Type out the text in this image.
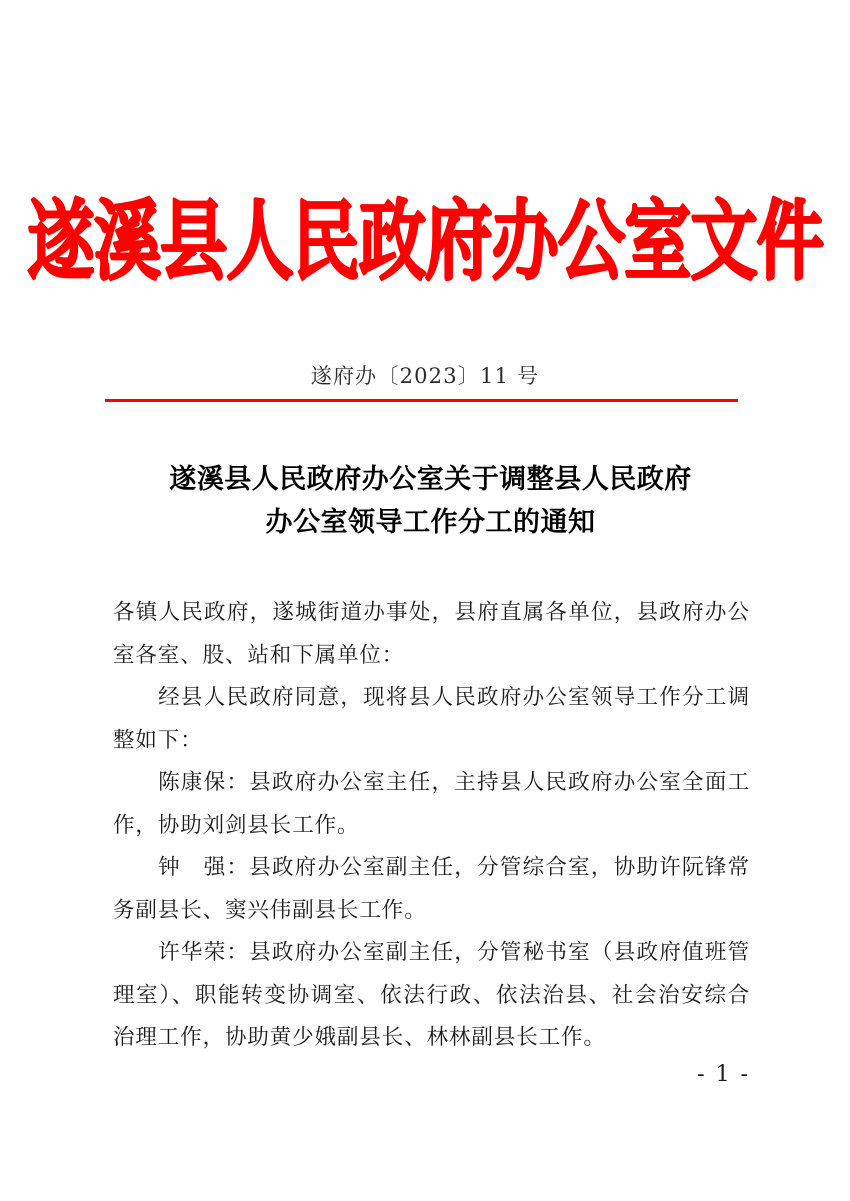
遂溪县人民政府办公室文件
遂府办〔2023〕11 号
遂溪县人民政府办公室关于调整县人民政府
办公室领导工作分工的通知

各镇人民政府，遂城街道办事处，县府直属各单位，县政府办公室各室、股、站和下属单位：

经县人民政府同意，现将县人民政府办公室领导工作分工调整如下：

陈康保：县政府办公室主任，主持县人民政府办公室全面工作，协助刘剑县长工作。

钟　强：县政府办公室副主任，分管综合室，协助许阮锋常务副县长、窦兴伟副县长工作。

许华荣：县政府办公室副主任，分管秘书室（县政府值班管理室）、职能转变协调室、依法行政、依法治县、社会治安综合治理工作，协助黄少娥副县长、林林副县长工作。

- 1 -
